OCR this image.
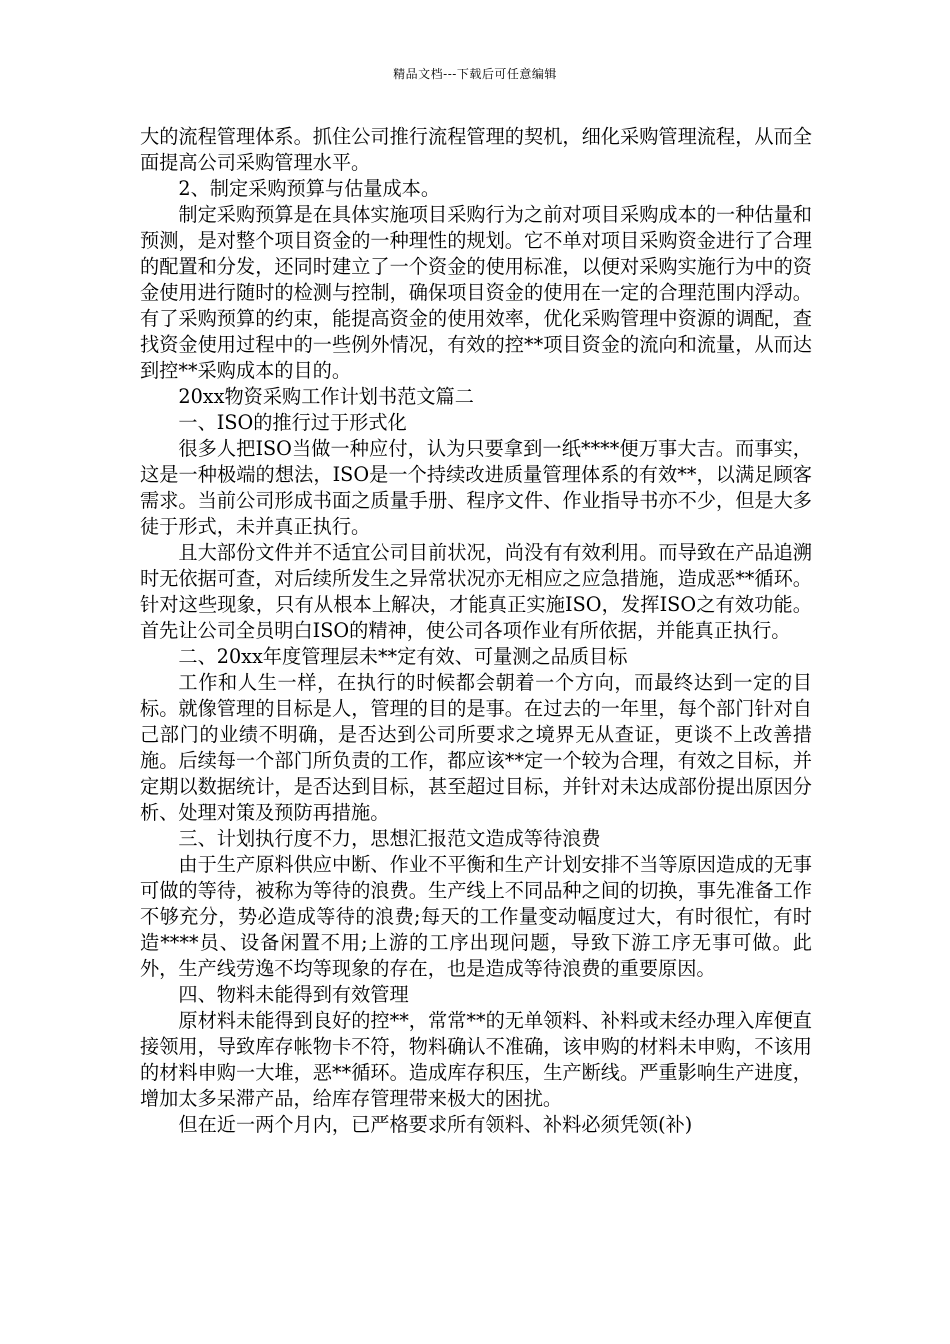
精品文档---下载后可任意编辑

大的流程管理体系。抓住公司推行流程管理的契机，细化采购管理流程，从而全面提高公司采购管理水平。

2、制定采购预算与估量成本。

制定采购预算是在具体实施项目采购行为之前对项目采购成本的一种估量和预测，是对整个项目资金的一种理性的规划。它不单对项目采购资金进行了合理的配置和分发，还同时建立了一个资金的使用标准，以便对采购实施行为中的资金使用进行随时的检测与控制，确保项目资金的使用在一定的合理范围内浮动。有了采购预算的约束，能提高资金的使用效率，优化采购管理中资源的调配，查找资金使用过程中的一些例外情况，有效的控**项目资金的流向和流量，从而达到控**采购成本的目的。

20xx物资采购工作计划书范文篇二

一、ISO的推行过于形式化

很多人把ISO当做一种应付，认为只要拿到一纸****便万事大吉。而事实，这是一种极端的想法，ISO是一个持续改进质量管理体系的有效**，以满足顾客需求。当前公司形成书面之质量手册、程序文件、作业指导书亦不少，但是大多徒于形式，未并真正执行。

且大部份文件并不适宜公司目前状况，尚没有有效利用。而导致在产品追溯时无依据可查，对后续所发生之异常状况亦无相应之应急措施，造成恶**循环。针对这些现象，只有从根本上解决，才能真正实施ISO，发挥ISO之有效功能。首先让公司全员明白ISO的精神，使公司各项作业有所依据，并能真正执行。

二、20xx年度管理层未**定有效、可量测之品质目标

工作和人生一样，在执行的时候都会朝着一个方向，而最终达到一定的目标。就像管理的目标是人，管理的目的是事。在过去的一年里，每个部门针对自己部门的业绩不明确，是否达到公司所要求之境界无从查证，更谈不上改善措施。后续每一个部门所负责的工作，都应该**定一个较为合理，有效之目标，并定期以数据统计，是否达到目标，甚至超过目标，并针对未达成部份提出原因分析、处理对策及预防再措施。

三、计划执行度不力，思想汇报范文造成等待浪费

由于生产原料供应中断、作业不平衡和生产计划安排不当等原因造成的无事可做的等待，被称为等待的浪费。生产线上不同品种之间的切换，事先准备工作不够充分，势必造成等待的浪费;每天的工作量变动幅度过大，有时很忙，有时造****员、设备闲置不用;上游的工序出现问题，导致下游工序无事可做。此外，生产线劳逸不均等现象的存在，也是造成等待浪费的重要原因。

四、物料未能得到有效管理

原材料未能得到良好的控**，常常**的无单领料、补料或未经办理入库便直接领用，导致库存帐物卡不符，物料确认不准确，该申购的材料未申购，不该用的材料申购一大堆，恶**循环。造成库存积压，生产断线。严重影响生产进度，增加太多呆滞产品，给库存管理带来极大的困扰。

但在近一两个月内，已严格要求所有领料、补料必须凭领(补)
